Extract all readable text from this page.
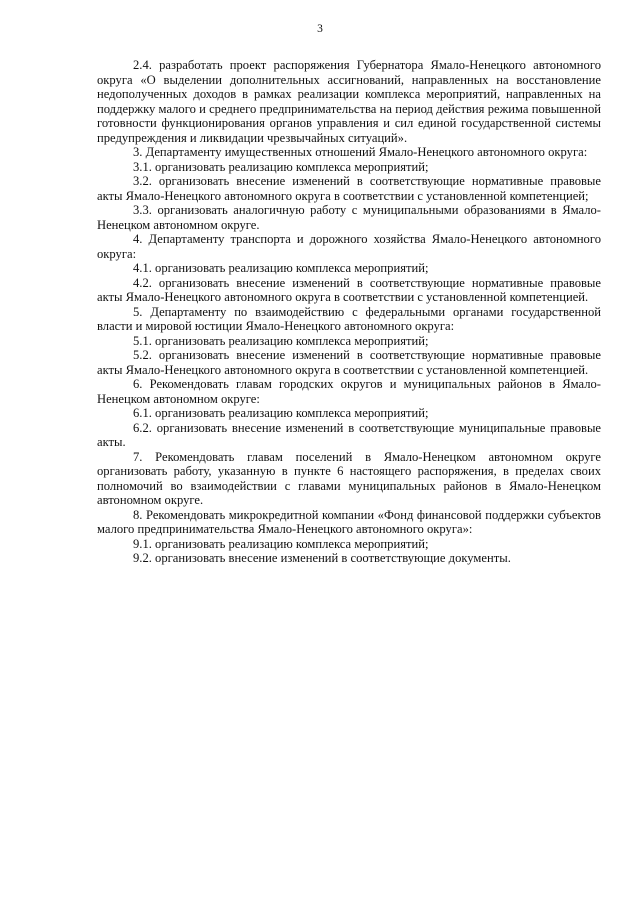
3

2.4. разработать проект распоряжения Губернатора Ямало-Ненецкого автономного округа «О выделении дополнительных ассигнований, направленных на восстановление недополученных доходов в рамках реализации комплекса мероприятий, направленных на поддержку малого и среднего предпринимательства на период действия режима повышенной готовности функционирования органов управления и сил единой государственной системы предупреждения и ликвидации чрезвычайных ситуаций».

3. Департаменту имущественных отношений Ямало-Ненецкого автономного округа:

3.1. организовать реализацию комплекса мероприятий;

3.2. организовать внесение изменений в соответствующие нормативные правовые акты Ямало-Ненецкого автономного округа в соответствии с установленной компетенцией;

3.3. организовать аналогичную работу с муниципальными образованиями в Ямало-Ненецком автономном округе.

4. Департаменту транспорта и дорожного хозяйства Ямало-Ненецкого автономного округа:

4.1. организовать реализацию комплекса мероприятий;

4.2. организовать внесение изменений в соответствующие нормативные правовые акты Ямало-Ненецкого автономного округа в соответствии с установленной компетенцией.

5. Департаменту по взаимодействию с федеральными органами государственной власти и мировой юстиции Ямало-Ненецкого автономного округа:

5.1. организовать реализацию комплекса мероприятий;

5.2. организовать внесение изменений в соответствующие нормативные правовые акты Ямало-Ненецкого автономного округа в соответствии с установленной компетенцией.

6. Рекомендовать главам городских округов и муниципальных районов в Ямало-Ненецком автономном округе:

6.1. организовать реализацию комплекса мероприятий;

6.2. организовать внесение изменений в соответствующие муниципальные правовые акты.

7. Рекомендовать главам поселений в Ямало-Ненецком автономном округе организовать работу, указанную в пункте 6 настоящего распоряжения, в пределах своих полномочий во взаимодействии с главами муниципальных районов в Ямало-Ненецком автономном округе.

8. Рекомендовать микрокредитной компании «Фонд финансовой поддержки субъектов малого предпринимательства Ямало-Ненецкого автономного округа»:

9.1. организовать реализацию комплекса мероприятий;

9.2. организовать внесение изменений в соответствующие документы.
